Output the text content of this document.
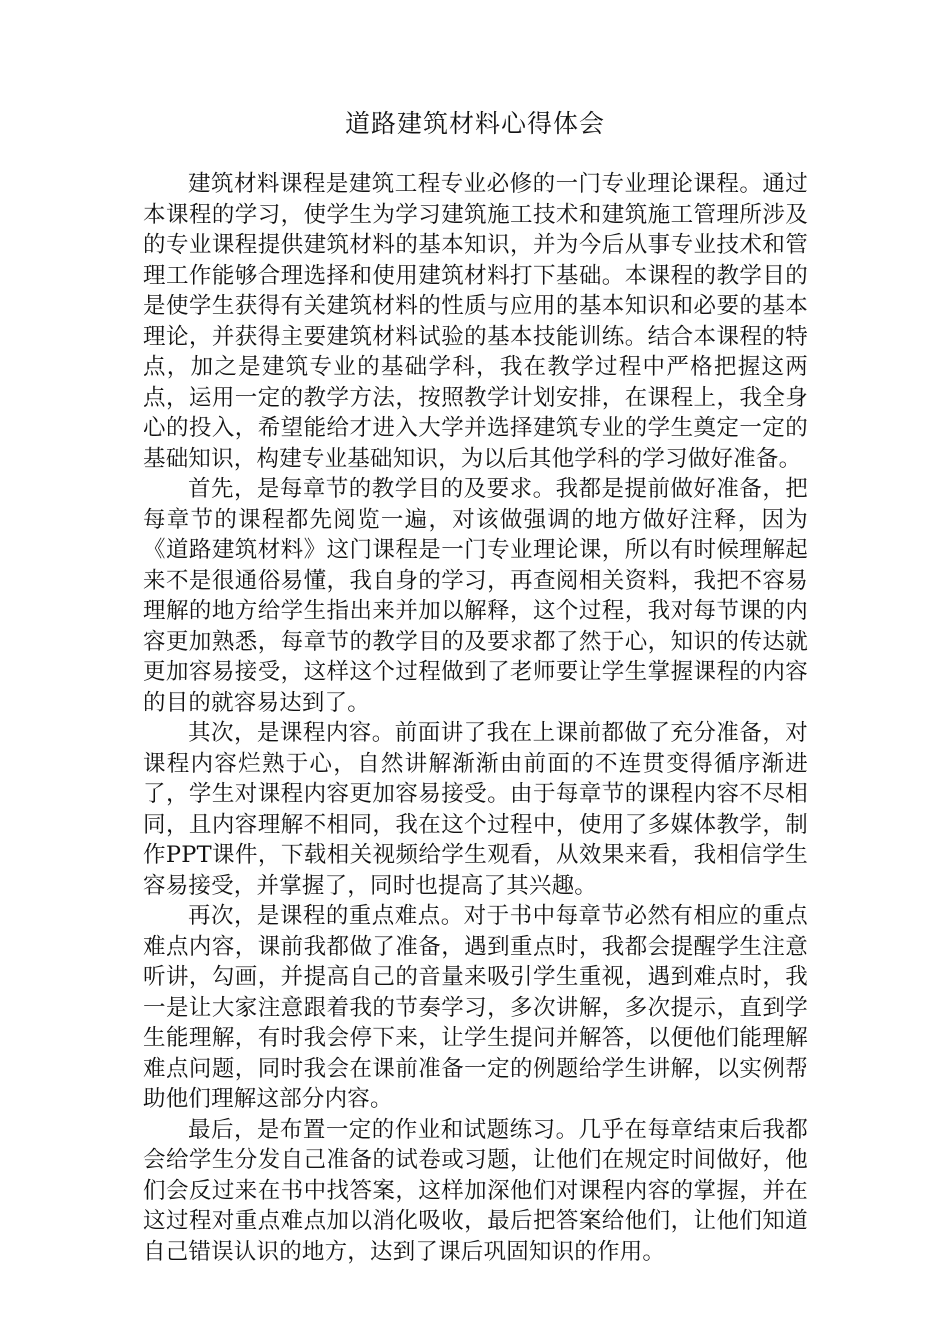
道路建筑材料心得体会

建筑材料课程是建筑工程专业必修的一门专业理论课程。通过本课程的学习，使学生为学习建筑施工技术和建筑施工管理所涉及的专业课程提供建筑材料的基本知识，并为今后从事专业技术和管理工作能够合理选择和使用建筑材料打下基础。本课程的教学目的是使学生获得有关建筑材料的性质与应用的基本知识和必要的基本理论，并获得主要建筑材料试验的基本技能训练。结合本课程的特点，加之是建筑专业的基础学科，我在教学过程中严格把握这两点，运用一定的教学方法，按照教学计划安排，在课程上，我全身心的投入，希望能给才进入大学并选择建筑专业的学生奠定一定的基础知识，构建专业基础知识，为以后其他学科的学习做好准备。

首先，是每章节的教学目的及要求。我都是提前做好准备，把每章节的课程都先阅览一遍，对该做强调的地方做好注释，因为《道路建筑材料》这门课程是一门专业理论课，所以有时候理解起来不是很通俗易懂，我自身的学习，再查阅相关资料，我把不容易理解的地方给学生指出来并加以解释，这个过程，我对每节课的内容更加熟悉，每章节的教学目的及要求都了然于心，知识的传达就更加容易接受，这样这个过程做到了老师要让学生掌握课程的内容的目的就容易达到了。

其次，是课程内容。前面讲了我在上课前都做了充分准备，对课程内容烂熟于心，自然讲解渐渐由前面的不连贯变得循序渐进了，学生对课程内容更加容易接受。由于每章节的课程内容不尽相同，且内容理解不相同，我在这个过程中，使用了多媒体教学，制作PPT课件，下载相关视频给学生观看，从效果来看，我相信学生容易接受，并掌握了，同时也提高了其兴趣。

再次，是课程的重点难点。对于书中每章节必然有相应的重点难点内容，课前我都做了准备，遇到重点时，我都会提醒学生注意听讲，勾画，并提高自己的音量来吸引学生重视，遇到难点时，我一是让大家注意跟着我的节奏学习，多次讲解，多次提示，直到学生能理解，有时我会停下来，让学生提问并解答，以便他们能理解难点问题，同时我会在课前准备一定的例题给学生讲解，以实例帮助他们理解这部分内容。

最后，是布置一定的作业和试题练习。几乎在每章结束后我都会给学生分发自己准备的试卷或习题，让他们在规定时间做好，他们会反过来在书中找答案，这样加深他们对课程内容的掌握，并在这过程对重点难点加以消化吸收，最后把答案给他们，让他们知道自己错误认识的地方，达到了课后巩固知识的作用。
